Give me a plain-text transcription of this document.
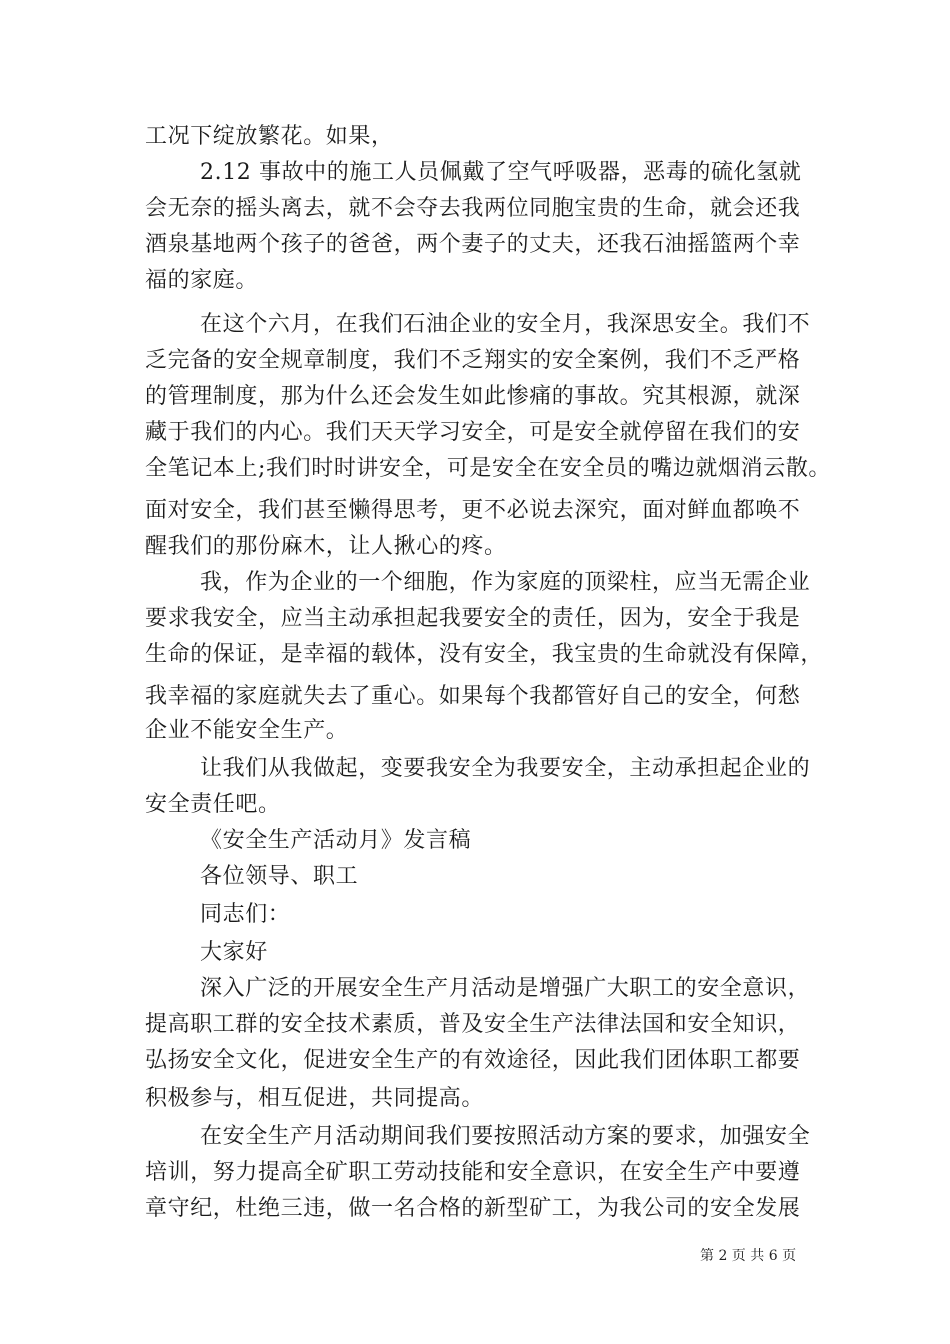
工况下绽放繁花。如果，
2.12 事故中的施工人员佩戴了空气呼吸器，恶毒的硫化氢就
会无奈的摇头离去，就不会夺去我两位同胞宝贵的生命，就会还我
酒泉基地两个孩子的爸爸，两个妻子的丈夫，还我石油摇篮两个幸
福的家庭。
在这个六月，在我们石油企业的安全月，我深思安全。我们不
乏完备的安全规章制度，我们不乏翔实的安全案例，我们不乏严格
的管理制度，那为什么还会发生如此惨痛的事故。究其根源，就深
藏于我们的内心。我们天天学习安全，可是安全就停留在我们的安
全笔记本上;我们时时讲安全，可是安全在安全员的嘴边就烟消云散。
面对安全，我们甚至懒得思考，更不必说去深究，面对鲜血都唤不
醒我们的那份麻木，让人揪心的疼。
我，作为企业的一个细胞，作为家庭的顶梁柱，应当无需企业
要求我安全，应当主动承担起我要安全的责任，因为，安全于我是
生命的保证，是幸福的载体，没有安全，我宝贵的生命就没有保障，
我幸福的家庭就失去了重心。如果每个我都管好自己的安全，何愁
企业不能安全生产。
让我们从我做起，变要我安全为我要安全，主动承担起企业的
安全责任吧。
《安全生产活动月》发言稿
各位领导、职工
同志们：
大家好
深入广泛的开展安全生产月活动是增强广大职工的安全意识，
提高职工群的安全技术素质，普及安全生产法律法国和安全知识，
弘扬安全文化，促进安全生产的有效途径，因此我们团体职工都要
积极参与，相互促进，共同提高。
在安全生产月活动期间我们要按照活动方案的要求，加强安全
培训，努力提高全矿职工劳动技能和安全意识，在安全生产中要遵
章守纪，杜绝三违，做一名合格的新型矿工，为我公司的安全发展
第 2 页 共 6 页
